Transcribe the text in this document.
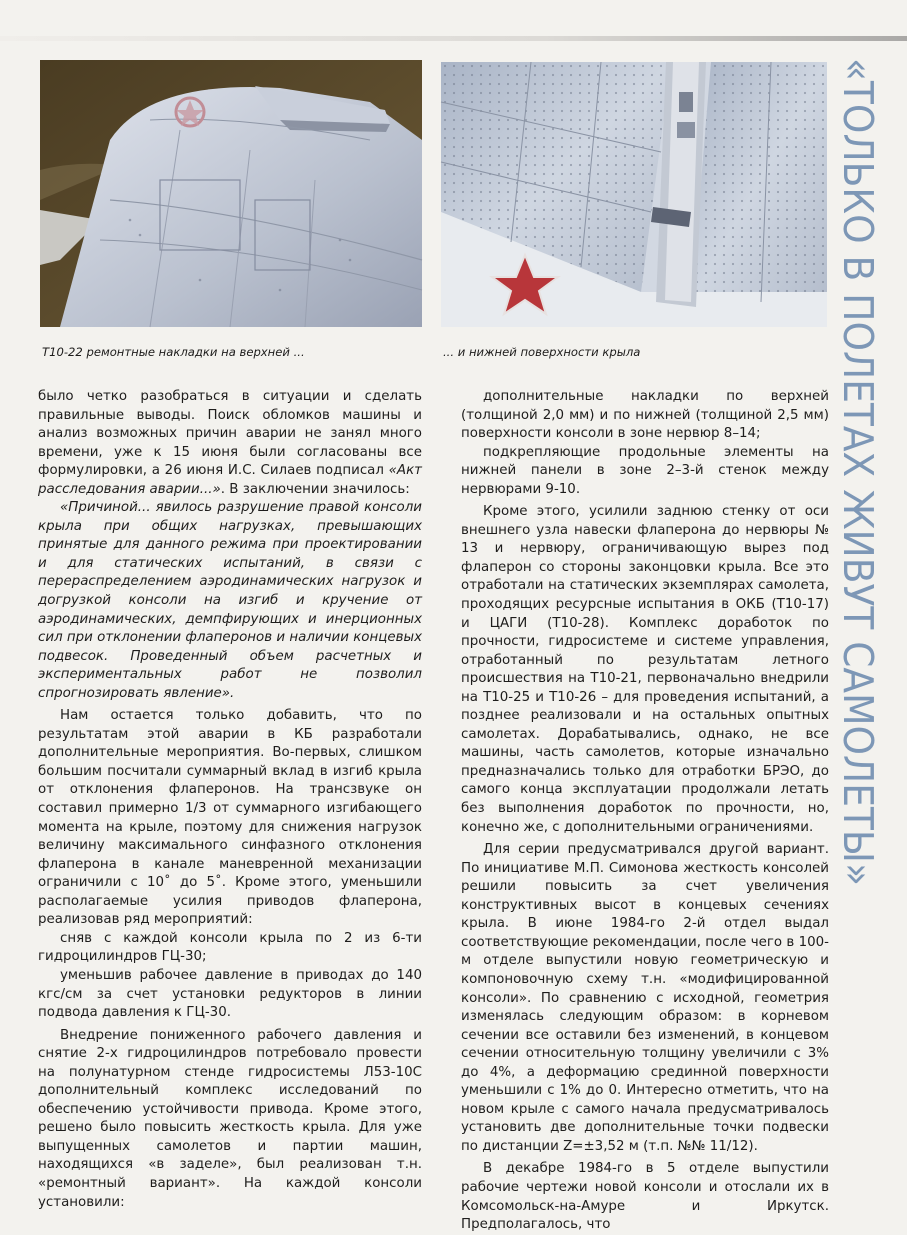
Т10-22 ремонтные накладки на верхней ...	... и нижней поверхности крыла

было четко разобраться в ситуации и сделать правильные выводы. Поиск обломков машины и анализ возможных причин аварии не занял много времени, уже к 15 июня были согласованы все формулировки, а 26 июня И.С. Силаев подписал «Акт расследования аварии...». В заключении значилось:

«Причиной... явилось разрушение правой консоли крыла при общих нагрузках, превышающих принятые для данного режима при проектировании и для статических испытаний, в связи с перераспределением аэродинамических нагрузок и догрузкой консоли на изгиб и кручение от аэродинамических, демпфирующих и инерционных сил при отклонении флаперонов и наличии концевых подвесок. Проведенный объем расчетных и экспериментальных работ не позволил спрогнозировать явление».

Нам остается только добавить, что по результатам этой аварии в КБ разработали дополнительные мероприятия. Во-первых, слишком большим посчитали суммарный вклад в изгиб крыла от отклонения флаперонов. На трансзвуке он составил примерно 1/3 от суммарного изгибающего момента на крыле, поэтому для снижения нагрузок величину максимального синфазного отклонения флаперона в канале маневренной механизации ограничили с 10˚ до 5˚. Кроме этого, уменьшили располагаемые усилия приводов флаперона, реализовав ряд мероприятий:

сняв с каждой консоли крыла по 2 из 6-ти гидроцилиндров ГЦ-30;

уменьшив рабочее давление в приводах до 140 кгс/см за счет установки редукторов в линии подвода давления к ГЦ-30.

Внедрение пониженного рабочего давления и снятие 2-х гидроцилиндров потребовало провести на полунатурном стенде гидросистемы Л53-10С дополнительный комплекс исследований по обеспечению устойчивости привода. Кроме этого, решено было повысить жесткость крыла. Для уже выпущенных самолетов и партии машин, находящихся «в заделе», был реализован т.н. «ремонтный вариант». На каждой консоли установили:

дополнительные накладки по верхней (толщиной 2,0 мм) и по нижней (толщиной 2,5 мм) поверхности консоли в зоне нервюр 8–14;

подкрепляющие продольные элементы на нижней панели в зоне 2–3-й стенок между нервюрами 9-10.

Кроме этого, усилили заднюю стенку от оси внешнего узла навески флаперона до нервюры № 13 и нервюру, ограничивающую вырез под флаперон со стороны законцовки крыла. Все это отработали на статических экземплярах самолета, проходящих ресурсные испытания в ОКБ (Т10-17) и ЦАГИ (Т10-28). Комплекс доработок по прочности, гидросистеме и системе управления, отработанный по результатам летного происшествия на Т10-21, первоначально внедрили на Т10-25 и Т10-26 – для проведения испытаний, а позднее реализовали и на остальных опытных самолетах. Дорабатывались, однако, не все машины, часть самолетов, которые изначально предназначались только для отработки БРЭО, до самого конца эксплуатации продолжали летать без выполнения доработок по прочности, но, конечно же, с дополнительными ограничениями.

Для серии предусматривался другой вариант. По инициативе М.П. Симонова жесткость консолей решили повысить за счет увеличения конструктивных высот в концевых сечениях крыла. В июне 1984-го 2-й отдел выдал соответствующие рекомендации, после чего в 100-м отделе выпустили новую геометрическую и компоновочную схему т.н. «модифицированной консоли». По сравнению с исходной, геометрия изменялась следующим образом: в корневом сечении все оставили без изменений, в концевом сечении относительную толщину увеличили с 3% до 4%, а деформацию срединной поверхности уменьшили с 1% до 0. Интересно отметить, что на новом крыле с самого начала предусматривалось установить две дополнительные точки подвески по дистанции Z=±3,52 м (т.п. №№ 11/12).

В декабре 1984-го в 5 отделе выпустили рабочие чертежи новой консоли и отослали их в Комсомольск-на-Амуре и Иркутск. Предполагалось, что

«ТОЛЬКО В ПОЛЕТАХ ЖИВУТ САМОЛЕТЫ»
